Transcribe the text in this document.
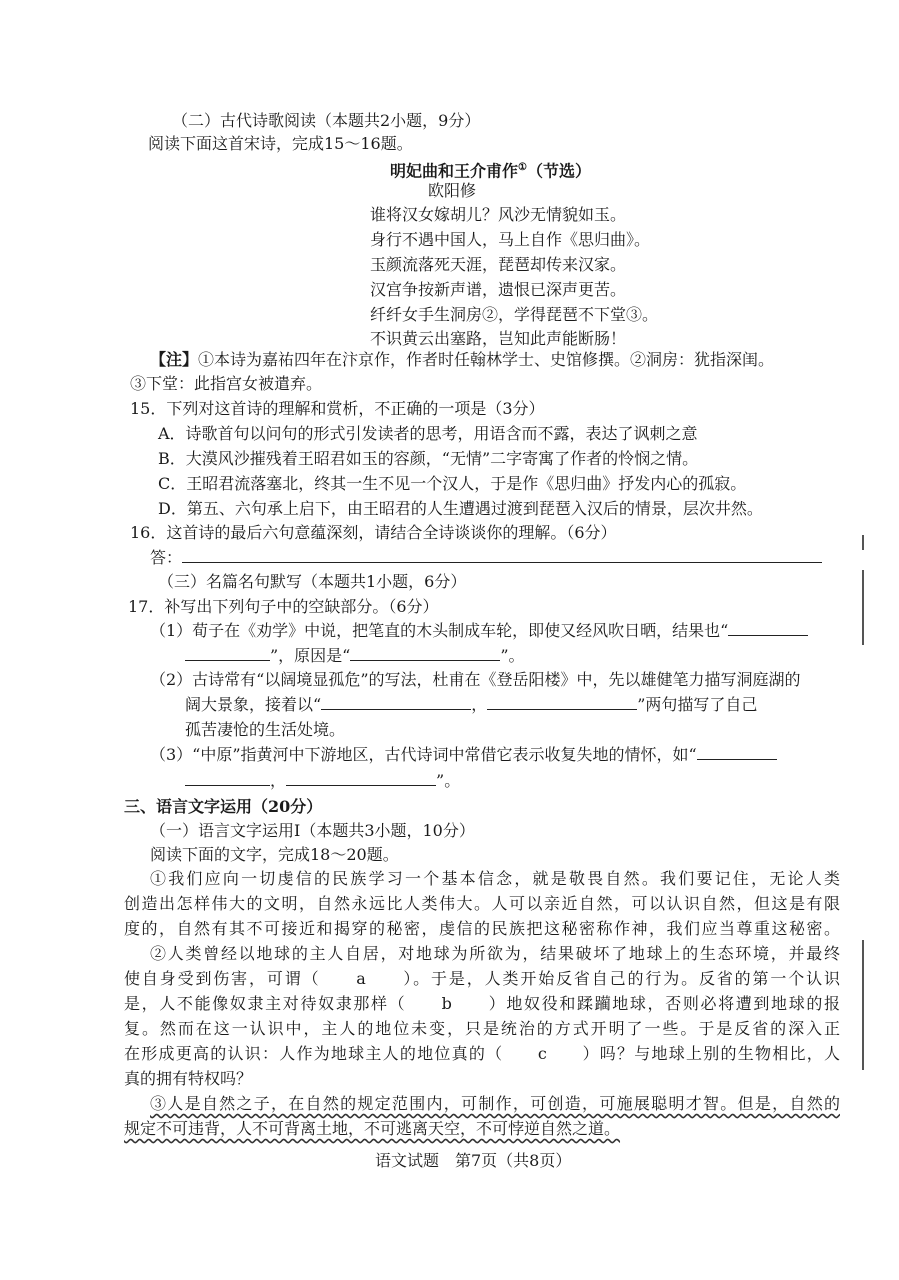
（二）古代诗歌阅读（本题共2小题，9分）
阅读下面这首宋诗，完成15～16题。
明妃曲和王介甫作①（节选）
欧阳修
谁将汉女嫁胡儿？风沙无情貌如玉。
身行不遇中国人，马上自作《思归曲》。
玉颜流落死天涯，琵琶却传来汉家。
汉宫争按新声谱，遗恨已深声更苦。
纤纤女手生洞房②，学得琵琶不下堂③。
不识黄云出塞路，岂知此声能断肠！
【注】①本诗为嘉祐四年在汴京作，作者时任翰林学士、史馆修撰。②洞房：犹指深闺。
③下堂：此指宫女被遣弃。
15．下列对这首诗的理解和赏析，不正确的一项是（3分）
A．诗歌首句以问句的形式引发读者的思考，用语含而不露，表达了讽刺之意
B．大漠风沙摧残着王昭君如玉的容颜，“无情”二字寄寓了作者的怜悯之情。
C．王昭君流落塞北，终其一生不见一个汉人，于是作《思归曲》抒发内心的孤寂。
D．第五、六句承上启下，由王昭君的人生遭遇过渡到琵琶入汉后的情景，层次井然。
16．这首诗的最后六句意蕴深刻，请结合全诗谈谈你的理解。（6分）
答：
（三）名篇名句默写（本题共1小题，6分）
17．补写出下列句子中的空缺部分。（6分）
（1）荀子在《劝学》中说，把笔直的木头制成车轮，即使又经风吹日晒，结果也“
”，原因是“	”。
（2）古诗常有“以阔境显孤危”的写法，杜甫在《登岳阳楼》中，先以雄健笔力描写洞庭湖的
阔大景象，接着以“	，	”两句描写了自己
孤苦凄怆的生活处境。
（3）“中原”指黄河中下游地区，古代诗词中常借它表示收复失地的情怀，如“
，	”。
三、语言文字运用（20分）
（一）语言文字运用Ⅰ（本题共3小题，10分）
阅读下面的文字，完成18～20题。
①我们应向一切虔信的民族学习一个基本信念，就是敬畏自然。我们要记住，无论人类
创造出怎样伟大的文明，自然永远比人类伟大。人可以亲近自然，可以认识自然，但这是有限
度的，自然有其不可接近和揭穿的秘密，虔信的民族把这秘密称作神，我们应当尊重这秘密。
②人类曾经以地球的主人自居，对地球为所欲为，结果破坏了地球上的生态环境，并最终
使自身受到伤害，可谓（　　a　　）。于是，人类开始反省自己的行为。反省的第一个认识
是，人不能像奴隶主对待奴隶那样（　　b　　）地奴役和蹂躏地球，否则必将遭到地球的报
复。然而在这一认识中，主人的地位未变，只是统治的方式开明了一些。于是反省的深入正
在形成更高的认识：人作为地球主人的地位真的（　　c　　）吗？与地球上别的生物相比，人
真的拥有特权吗？
③人是自然之子，在自然的规定范围内，可制作，可创造，可施展聪明才智。但是，自然的
规定不可违背，人不可背离土地，不可逃离天空，不可悖逆自然之道。
语文试题　第7页（共8页）
